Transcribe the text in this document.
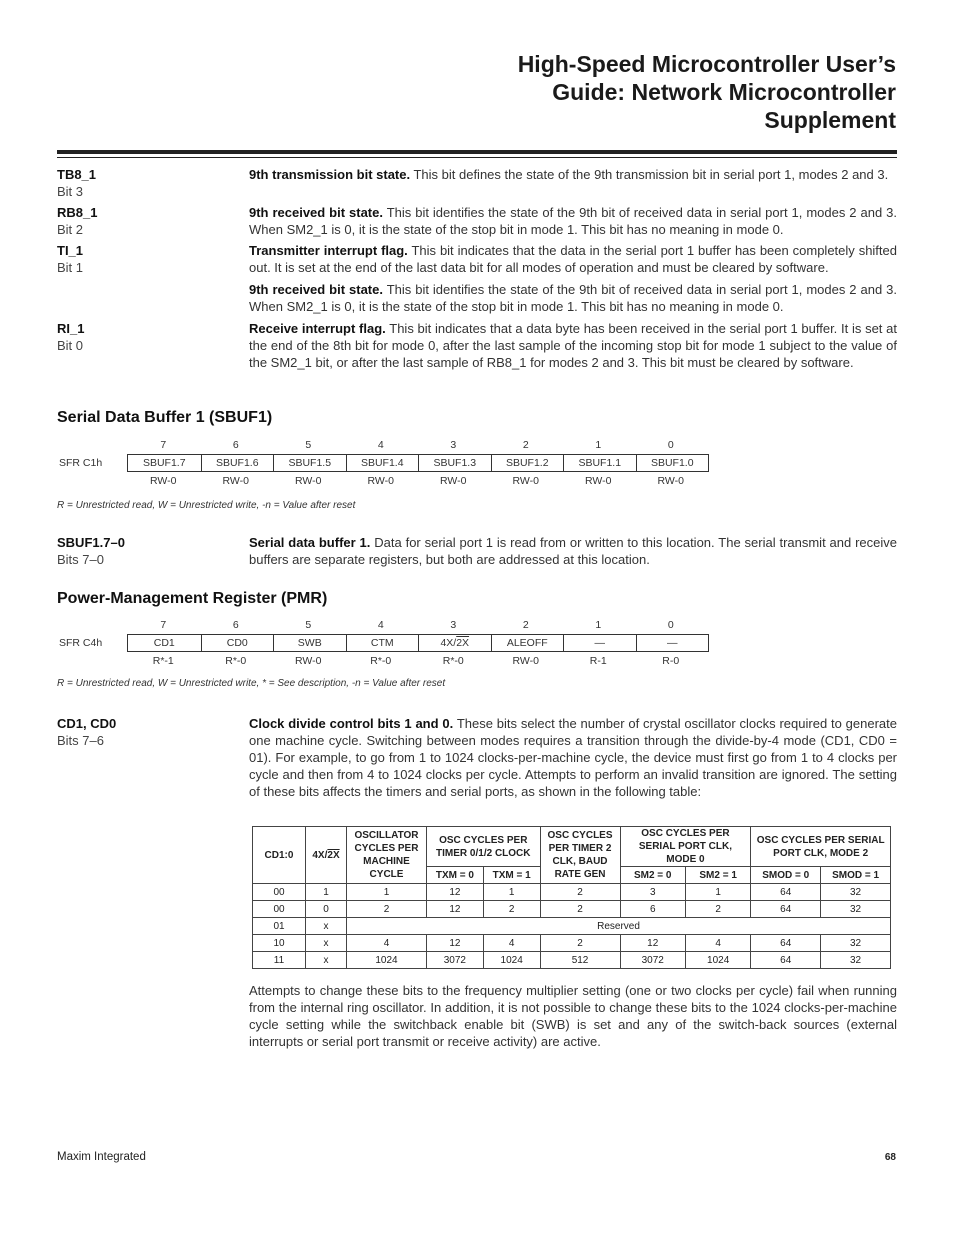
High-Speed Microcontroller User’s
Guide: Network Microcontroller
Supplement
TB8_1
Bit 3
9th transmission bit state. This bit defines the state of the 9th transmission bit in serial port 1, modes 2 and 3.
RB8_1
Bit 2
9th received bit state. This bit identifies the state of the 9th bit of received data in serial port 1, modes 2 and 3. When SM2_1 is 0, it is the state of the stop bit in mode 1. This bit has no meaning in mode 0.
TI_1
Bit 1
Transmitter interrupt flag. This bit indicates that the data in the serial port 1 buffer has been completely shifted out. It is set at the end of the last data bit for all modes of operation and must be cleared by software.
9th received bit state. This bit identifies the state of the 9th bit of received data in serial port 1, modes 2 and 3. When SM2_1 is 0, it is the state of the stop bit in mode 1. This bit has no meaning in mode 0.
RI_1
Bit 0
Receive interrupt flag. This bit indicates that a data byte has been received in the serial port 1 buffer. It is set at the end of the 8th bit for mode 0, after the last sample of the incoming stop bit for mode 1 subject to the value of the SM2_1 bit, or after the last sample of RB8_1 for modes 2 and 3. This bit must be cleared by software.
Serial Data Buffer 1 (SBUF1)
7	6	5	4	3	2	1	0
SFR C1h	SBUF1.7	SBUF1.6	SBUF1.5	SBUF1.4	SBUF1.3	SBUF1.2	SBUF1.1	SBUF1.0
RW-0	RW-0	RW-0	RW-0	RW-0	RW-0	RW-0	RW-0
R = Unrestricted read, W = Unrestricted write, -n = Value after reset
SBUF1.7–0
Bits 7–0
Serial data buffer 1. Data for serial port 1 is read from or written to this location. The serial transmit and receive buffers are separate registers, but both are addressed at this location.
Power-Management Register (PMR)
7	6	5	4	3	2	1	0
SFR C4h	CD1	CD0	SWB	CTM	4X/2X	ALEOFF	—	—
R*-1	R*-0	RW-0	R*-0	R*-0	RW-0	R-1	R-0
R = Unrestricted read, W = Unrestricted write, * = See description, -n = Value after reset
CD1, CD0
Bits 7–6
Clock divide control bits 1 and 0. These bits select the number of crystal oscillator clocks required to generate one machine cycle. Switching between modes requires a transition through the divide-by-4 mode (CD1, CD0 = 01). For example, to go from 1 to 1024 clocks-per-machine cycle, the device must first go from 1 to 4 clocks per cycle and then from 4 to 1024 clocks per cycle. Attempts to perform an invalid transition are ignored. The setting of these bits affects the timers and serial ports, as shown in the following table:
CD1:0	4X/2X	OSCILLATOR CYCLES PER MACHINE CYCLE	OSC CYCLES PER TIMER 0/1/2 CLOCK		OSC CYCLES PER TIMER 2 CLK, BAUD RATE GEN	OSC CYCLES PER SERIAL PORT CLK, MODE 0		OSC CYCLES PER SERIAL PORT CLK, MODE 2	
			TXM = 0	TXM = 1		SM2 = 0	SM2 = 1	SMOD = 0	SMOD = 1
00	1	1	12	1	2	3	1	64	32
00	0	2	12	2	2	6	2	64	32
01	x	Reserved							
10	x	4	12	4	2	12	4	64	32
11	x	1024	3072	1024	512	3072	1024	64	32
Attempts to change these bits to the frequency multiplier setting (one or two clocks per cycle) fail when running from the internal ring oscillator. In addition, it is not possible to change these bits to the 1024 clocks-per-machine cycle setting while the switchback enable bit (SWB) is set and any of the switch-back sources (external interrupts or serial port transmit or receive activity) are active.
Maxim Integrated	68
